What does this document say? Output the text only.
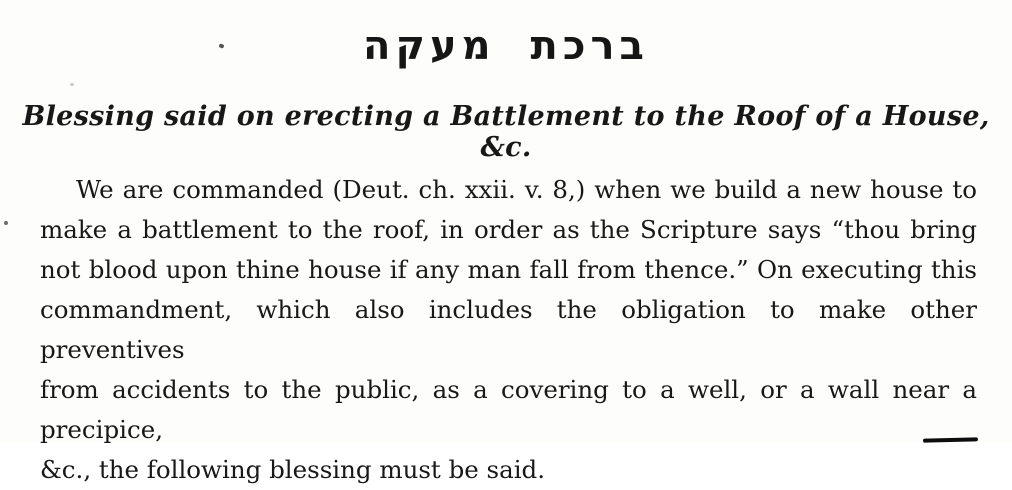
ברכת מעקה
Blessing said on erecting a Battlement to the Roof of a House, &c.
We are commanded (Deut. ch. xxii. v. 8,) when we build a new house to
make a battlement to the roof, in order as the Scripture says “thou bring
not blood upon thine house if any man fall from thence.” On executing this
commandment, which also includes the obligation to make other preventives
from accidents to the public, as a covering to a well, or a wall near a precipice,
&c., the following blessing must be said.
